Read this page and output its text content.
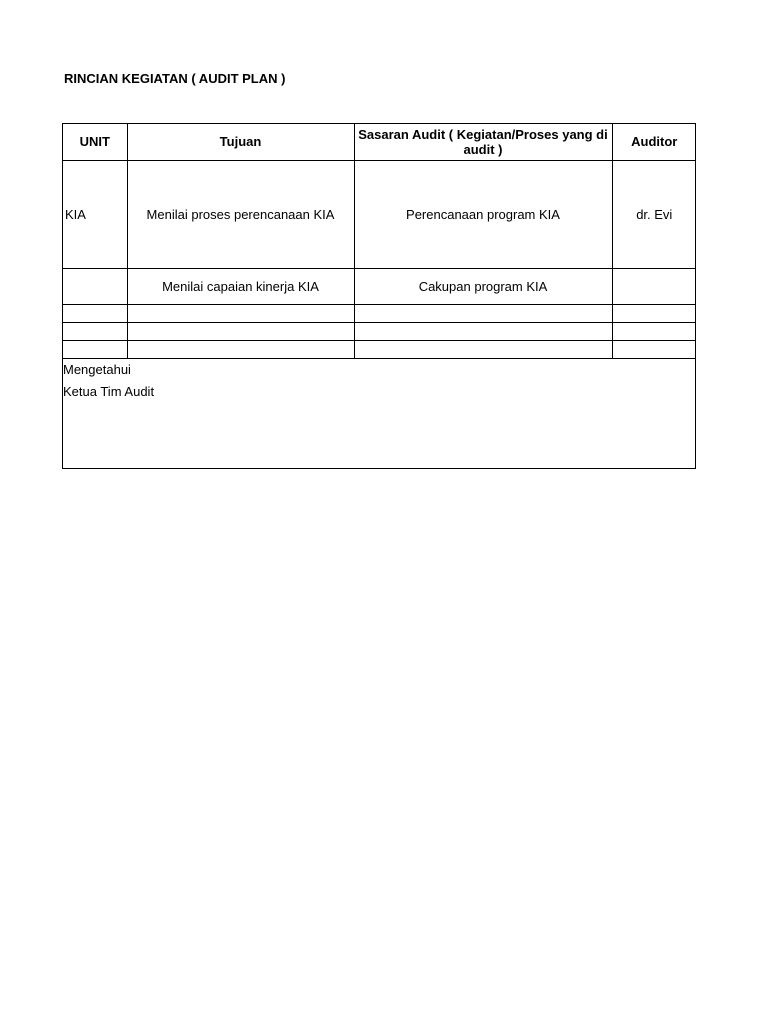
RINCIAN KEGIATAN ( AUDIT PLAN )
UNIT	Tujuan	Sasaran Audit ( Kegiatan/Proses yang di audit )	Auditor
KIA	Menilai proses perencanaan KIA	Perencanaan program KIA	dr. Evi
	Menilai capaian kinerja KIA	Cakupan program KIA	

Mengetahui
Ketua Tim Audit
